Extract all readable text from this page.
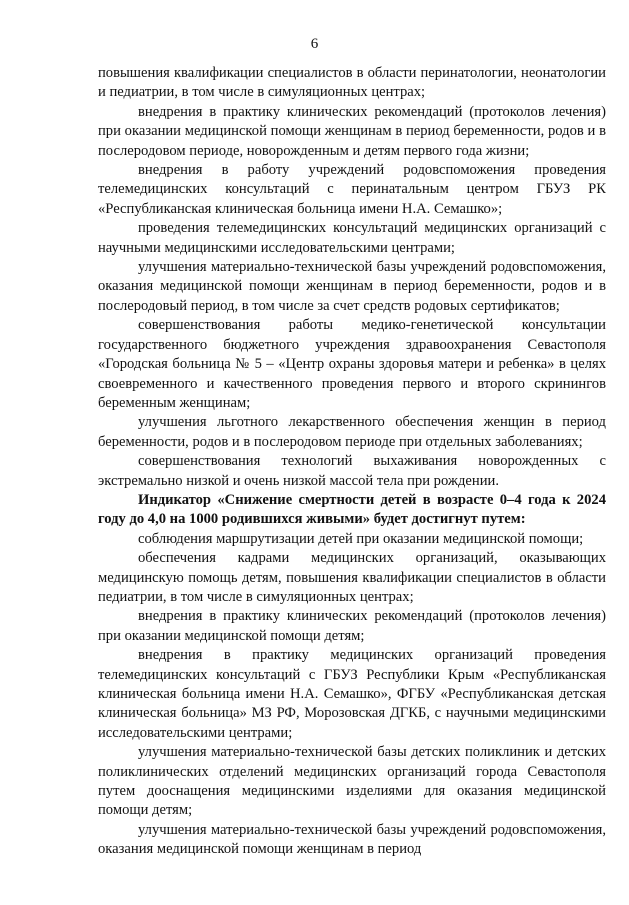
6

повышения квалификации специалистов в области перинатологии, неонатологии и педиатрии, в том числе в симуляционных центрах;

внедрения в практику клинических рекомендаций (протоколов лечения) при оказании медицинской помощи женщинам в период беременности, родов и в послеродовом периоде, новорожденным и детям первого года жизни;

внедрения в работу учреждений родовспоможения проведения телемедицинских консультаций с перинатальным центром ГБУЗ РК «Республиканская клиническая больница имени Н.А. Семашко»;

проведения телемедицинских консультаций медицинских организаций с научными медицинскими исследовательскими центрами;

улучшения материально-технической базы учреждений родовспоможения, оказания медицинской помощи женщинам в период беременности, родов и в послеродовый период, в том числе за счет средств родовых сертификатов;

совершенствования работы медико-генетической консультации государственного бюджетного учреждения здравоохранения Севастополя «Городская больница № 5 – «Центр охраны здоровья матери и ребенка» в целях своевременного и качественного проведения первого и второго скринингов беременным женщинам;

улучшения льготного лекарственного обеспечения женщин в период беременности, родов и в послеродовом периоде при отдельных заболеваниях;

совершенствования технологий выхаживания новорожденных с экстремально низкой и очень низкой массой тела при рождении.

Индикатор «Снижение смертности детей в возрасте 0–4 года к 2024 году до 4,0 на 1000 родившихся живыми» будет достигнут путем:

соблюдения маршрутизации детей при оказании медицинской помощи;

обеспечения кадрами медицинских организаций, оказывающих медицинскую помощь детям, повышения квалификации специалистов в области педиатрии, в том числе в симуляционных центрах;

внедрения в практику клинических рекомендаций (протоколов лечения) при оказании медицинской помощи детям;

внедрения в практику медицинских организаций проведения телемедицинских консультаций с ГБУЗ Республики Крым «Республиканская клиническая больница имени Н.А. Семашко», ФГБУ «Республиканская детская клиническая больница» МЗ РФ, Морозовская ДГКБ, с научными медицинскими исследовательскими центрами;

улучшения материально-технической базы детских поликлиник и детских поликлинических отделений медицинских организаций города Севастополя путем дооснащения медицинскими изделиями для оказания медицинской помощи детям;

улучшения материально-технической базы учреждений родовспоможения, оказания медицинской помощи женщинам в период
